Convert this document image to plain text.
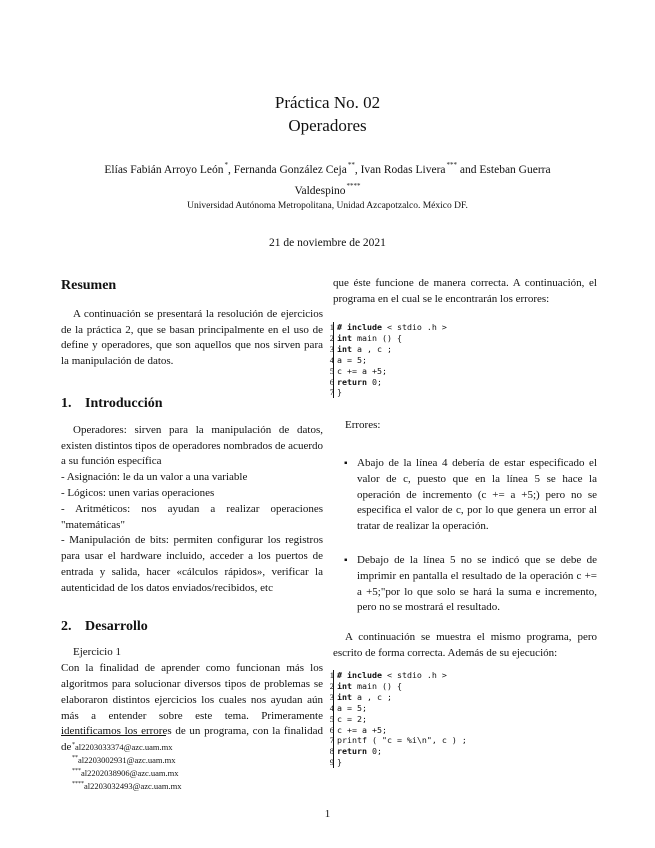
Práctica No. 02
Operadores
Elías Fabián Arroyo León*, Fernanda González Ceja**, Ivan Rodas Livera*** and Esteban Guerra
Valdespino****
Universidad Autónoma Metropolitana, Unidad Azcapotzalco. México DF.
21 de noviembre de 2021
Resumen

A continuación se presentará la resolución de ejercicios de la práctica 2, que se basan principalmente en el uso de define y operadores, que son aquellos que nos sirven para la manipulación de datos.

1. Introducción

Operadores: sirven para la manipulación de datos, existen distintos tipos de operadores nombrados de acuerdo a su función específica

- Asignación: le da un valor a una variable

- Lógicos: unen varias operaciones

- Aritméticos: nos ayudan a realizar operaciones "matemáticas"

- Manipulación de bits: permiten configurar los registros para usar el hardware incluido, acceder a los puertos de entrada y salida, hacer «cálculos rápidos», verificar la autenticidad de los datos enviados/recibidos, etc

2. Desarrollo

Ejercicio 1

Con la finalidad de aprender como funcionan más los algoritmos para solucionar diversos tipos de problemas se elaboraron distintos ejercicios los cuales nos ayudan aún más a entender sobre este tema. Primeramente identificamos los errores de un programa, con la finalidad de *al2203033374@azc.uam.mx
**al2203002931@azc.uam.mx
***al2202038906@azc.uam.mx
****al2203032493@azc.uam.mx

que éste funcione de manera correcta. A continuación, el programa en el cual se le encontrarán los errores:

1 # include < stdio .h >
2 int main () {
3 int a , c ;
4 a = 5;
5 c += a +5;
6 return 0;
7 }
Errores:
▪ Abajo de la línea 4 debería de estar especificado el valor de c, puesto que en la línea 5 se hace la operación de incremento (c += a +5;) pero no se especifica el valor de c, por lo que genera un error al tratar de realizar la operación.
▪ Debajo de la línea 5 no se indicó que se debe de imprimir en pantalla el resultado de la operación c += a +5;"por lo que solo se hará la suma e incremento, pero no se mostrará el resultado.

A continuación se muestra el mismo programa, pero escrito de forma correcta. Además de su ejecución:

1 # include < stdio .h >
2 int main () {
3 int a , c ;
4 a = 5;
5 c = 2;
6 c += a +5;
7 printf ( "c = %i\n", c ) ;
8 return 0;
9 }
1
